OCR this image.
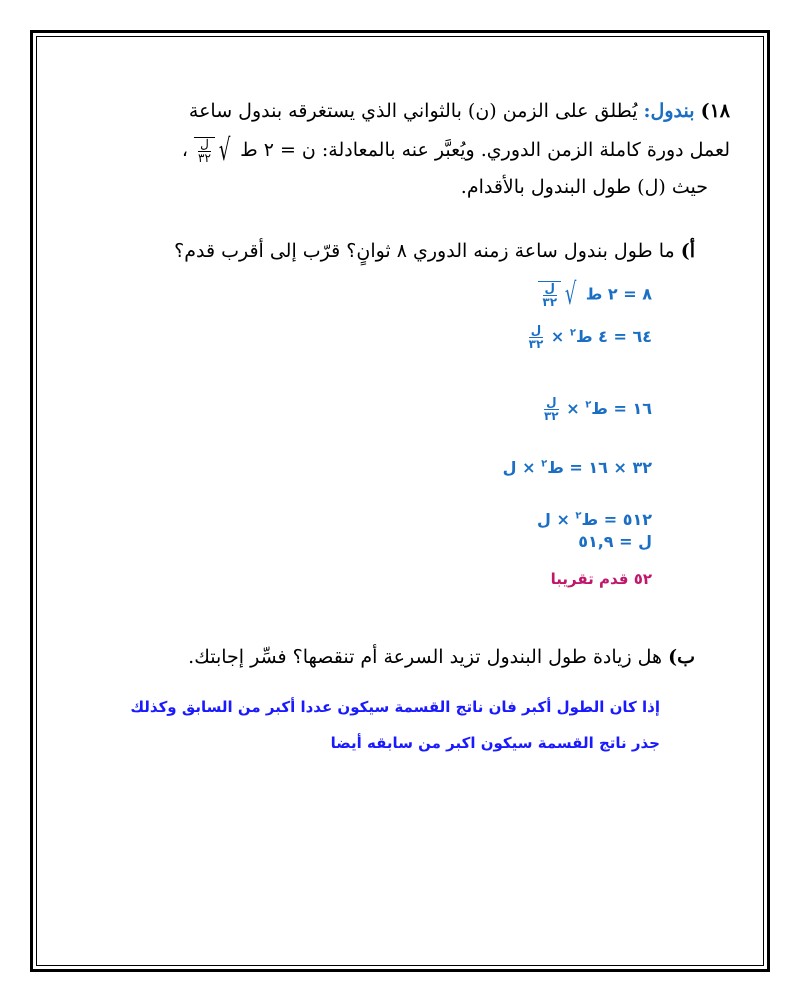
١٨) بندول: يُطلق على الزمن (ن) بالثواني الذي يستغرقه بندول ساعة
لعمل دورة كاملة الزمن الدوري. ويُعبَّر عنه بالمعادلة: ن = ٢ ط
√
$\frac{\text{ل}}{٣٢}$
،
حيث (ل) طول البندول بالأقدام.
أ) ما طول بندول ساعة زمنه الدوري ٨ ثوانٍ؟ قرّب إلى أقرب قدم؟
٨ = ٢ ط
√
$\frac{\text{ل}}{٣٢}$
٦٤ = ٤ ط$^٢$ ×
$\frac{\text{ل}}{٣٢}$
١٦ = ط$^٢$ ×
$\frac{\text{ل}}{٣٢}$
٣٢ × ١٦ = ط$^٢$ × ل
٥١٢ = ط$^٢$ × ل
ل = ٥١,٩
٥٢ قدم تقريبا
ب) هل زيادة طول البندول تزيد السرعة أم تنقصها؟ فسِّر إجابتك.
إذا كان الطول أكبر فان ناتج القسمة سيكون عددا أكبر من السابق وكذلك
جذر ناتج القسمة سيكون اكبر من سابقه أيضا
